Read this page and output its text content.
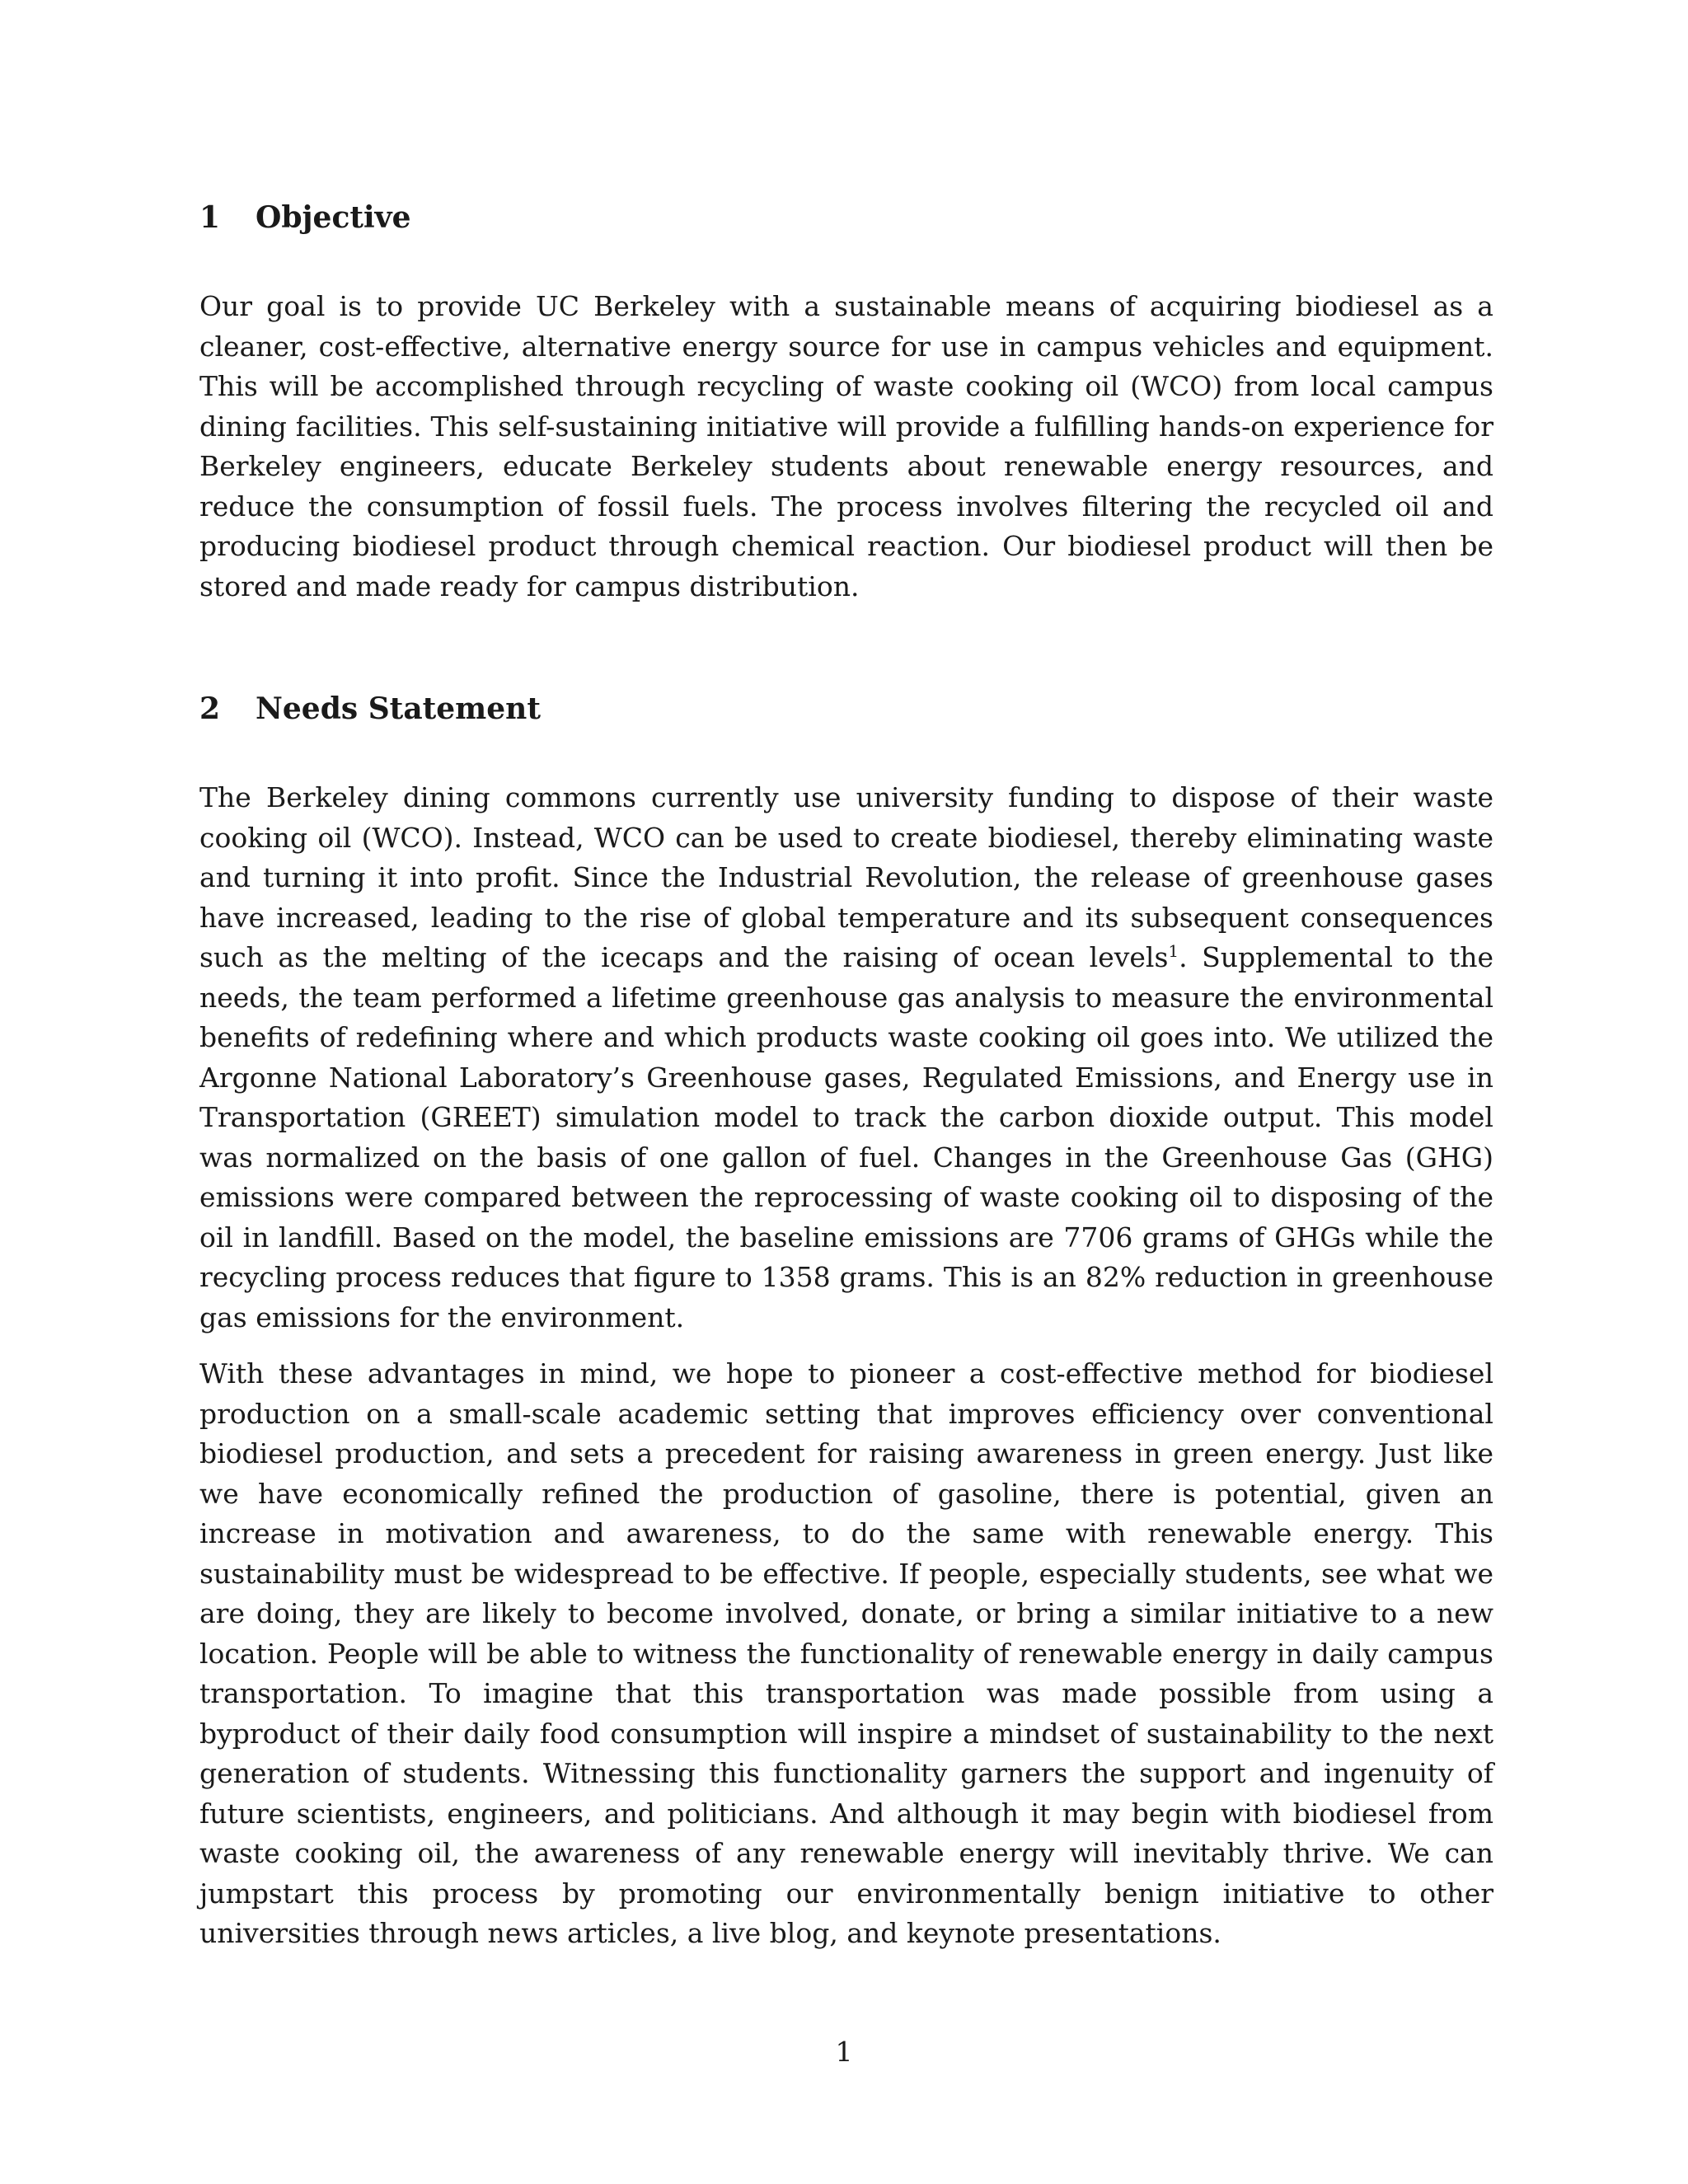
1	Objective

Our goal is to provide UC Berkeley with a sustainable means of acquiring biodiesel as a cleaner, cost-effective, alternative energy source for use in campus vehicles and equipment. This will be accomplished through recycling of waste cooking oil (WCO) from local campus dining facilities. This self-sustaining initiative will provide a fulfilling hands-on experience for Berkeley engineers, educate Berkeley students about renewable energy resources, and reduce the consumption of fossil fuels. The process involves filtering the recycled oil and producing biodiesel product through chemical reaction. Our biodiesel product will then be stored and made ready for campus distribution.

2	Needs Statement

The Berkeley dining commons currently use university funding to dispose of their waste cooking oil (WCO). Instead, WCO can be used to create biodiesel, thereby eliminating waste and turning it into profit. Since the Industrial Revolution, the release of greenhouse gases have increased, leading to the rise of global temperature and its subsequent consequences such as the melting of the icecaps and the raising of ocean levels$^1$. Supplemental to the needs, the team performed a lifetime greenhouse gas analysis to measure the environmental benefits of redefining where and which products waste cooking oil goes into. We utilized the Argonne National Laboratory’s Greenhouse gases, Regulated Emissions, and Energy use in Transportation (GREET) simulation model to track the carbon dioxide output. This model was normalized on the basis of one gallon of fuel. Changes in the Greenhouse Gas (GHG) emissions were compared between the reprocessing of waste cooking oil to disposing of the oil in landfill. Based on the model, the baseline emissions are 7706 grams of GHGs while the recycling process reduces that figure to 1358 grams. This is an 82% reduction in greenhouse gas emissions for the environment.

With these advantages in mind, we hope to pioneer a cost-effective method for biodiesel production on a small-scale academic setting that improves efficiency over conventional biodiesel production, and sets a precedent for raising awareness in green energy. Just like we have economically refined the production of gasoline, there is potential, given an increase in motivation and awareness, to do the same with renewable energy. This sustainability must be widespread to be effective. If people, especially students, see what we are doing, they are likely to become involved, donate, or bring a similar initiative to a new location. People will be able to witness the functionality of renewable energy in daily campus transportation. To imagine that this transportation was made possible from using a byproduct of their daily food consumption will inspire a mindset of sustainability to the next generation of students. Witnessing this functionality garners the support and ingenuity of future scientists, engineers, and politicians. And although it may begin with biodiesel from waste cooking oil, the awareness of any renewable energy will inevitably thrive. We can jumpstart this process by promoting our environmentally benign initiative to other universities through news articles, a live blog, and keynote presentations.

1
